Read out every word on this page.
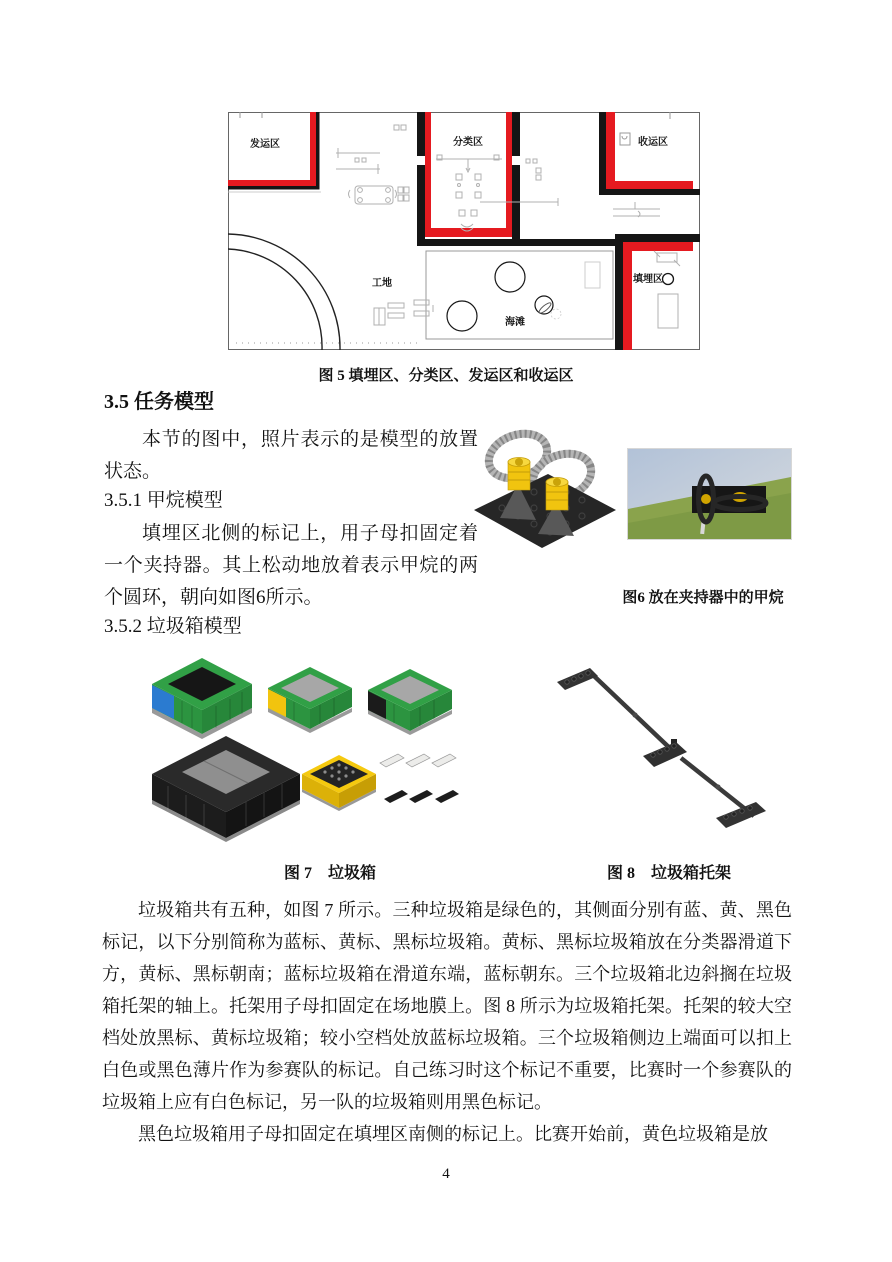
发运区	分类区	收运区
工地
海滩
填埋区
图 5 填埋区、分类区、发运区和收运区
3.5 任务模型
本节的图中，照片表示的是模型的放置状态。
3.5.1 甲烷模型
填埋区北侧的标记上，用子母扣固定着一个夹持器。其上松动地放着表示甲烷的两个圆环，朝向如图6所示。
3.5.2 垃圾箱模型
图6 放在夹持器中的甲烷
图 7　垃圾箱	图 8　垃圾箱托架

垃圾箱共有五种，如图 7 所示。三种垃圾箱是绿色的，其侧面分别有蓝、黄、黑色标记，以下分别简称为蓝标、黄标、黑标垃圾箱。黄标、黑标垃圾箱放在分类器滑道下方，黄标、黑标朝南；蓝标垃圾箱在滑道东端，蓝标朝东。三个垃圾箱北边斜搁在垃圾箱托架的轴上。托架用子母扣固定在场地膜上。图 8 所示为垃圾箱托架。托架的较大空档处放黑标、黄标垃圾箱；较小空档处放蓝标垃圾箱。三个垃圾箱侧边上端面可以扣上白色或黑色薄片作为参赛队的标记。自己练习时这个标记不重要，比赛时一个参赛队的垃圾箱上应有白色标记，另一队的垃圾箱则用黑色标记。

黑色垃圾箱用子母扣固定在填埋区南侧的标记上。比赛开始前，黄色垃圾箱是放

4
